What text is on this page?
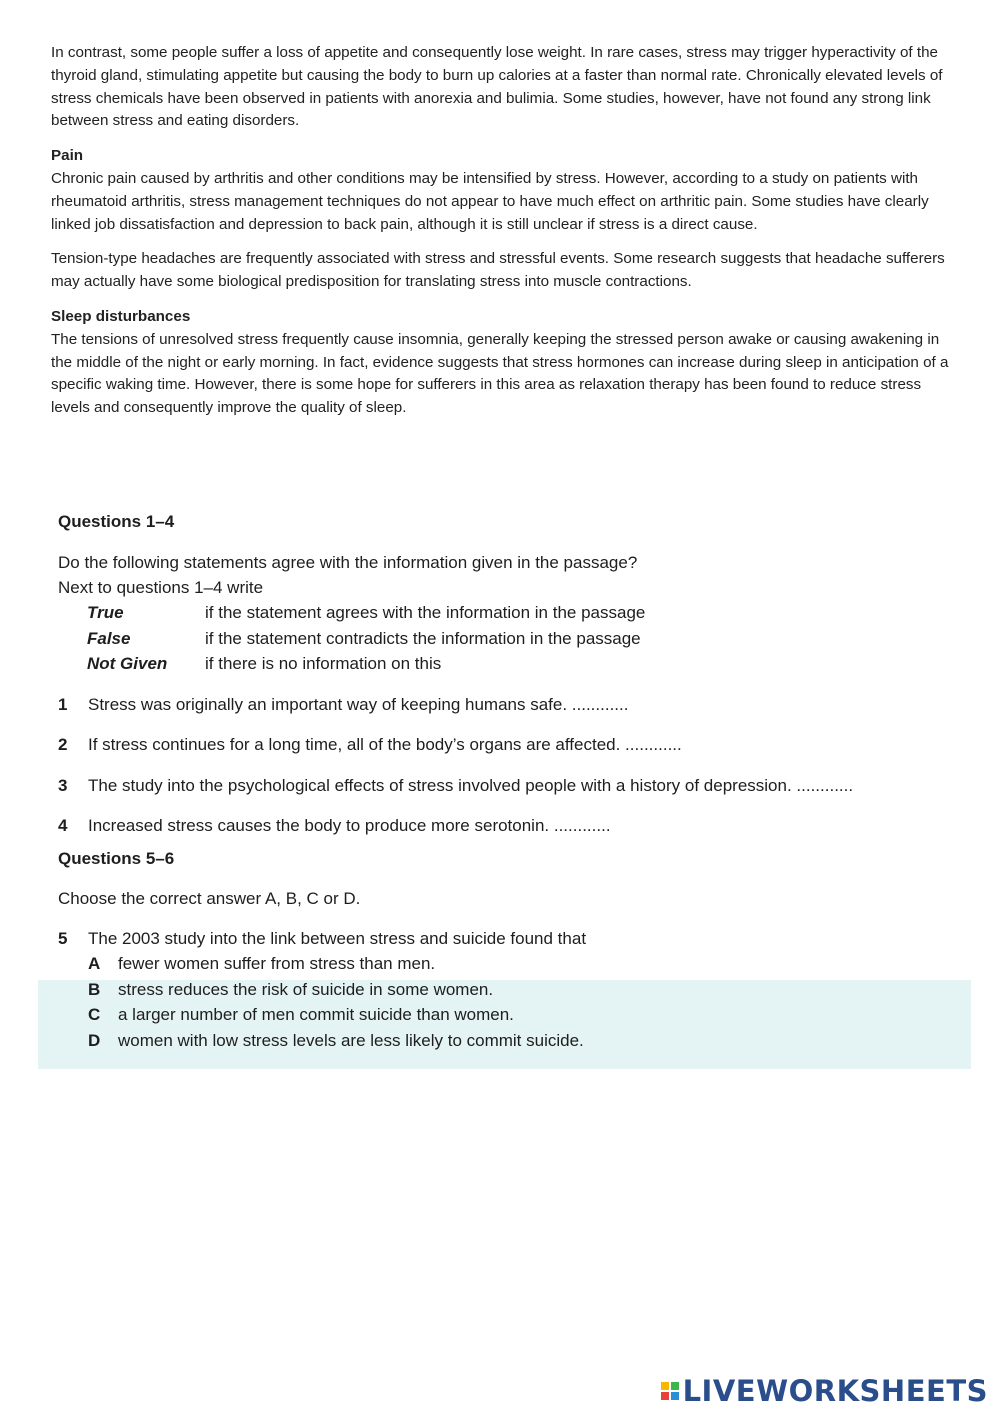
In contrast, some people suffer a loss of appetite and consequently lose weight. In rare cases, stress may trigger hyperactivity of the thyroid gland, stimulating appetite but causing the body to burn up calories at a faster than normal rate. Chronically elevated levels of stress chemicals have been observed in patients with anorexia and bulimia. Some studies, however, have not found any strong link between stress and eating disorders.

Pain

Chronic pain caused by arthritis and other conditions may be intensified by stress. However, according to a study on patients with rheumatoid arthritis, stress management techniques do not appear to have much effect on arthritic pain. Some studies have clearly linked job dissatisfaction and depression to back pain, although it is still unclear if stress is a direct cause.

Tension-type headaches are frequently associated with stress and stressful events. Some research suggests that headache sufferers may actually have some biological predisposition for translating stress into muscle contractions.

Sleep disturbances

The tensions of unresolved stress frequently cause insomnia, generally keeping the stressed person awake or causing awakening in the middle of the night or early morning. In fact, evidence suggests that stress hormones can increase during sleep in anticipation of a specific waking time. However, there is some hope for sufferers in this area as relaxation therapy has been found to reduce stress levels and consequently improve the quality of sleep.

Questions 1–4
Do the following statements agree with the information given in the passage?
Next to questions 1–4 write
True	if the statement agrees with the information in the passage
False	if the statement contradicts the information in the passage
Not Given	if there is no information on this
1	Stress was originally an important way of keeping humans safe. ............
2	If stress continues for a long time, all of the body’s organs are affected. ............
3	The study into the psychological effects of stress involved people with a history of depression. ............
4	Increased stress causes the body to produce more serotonin. ............
Questions 5–6
Choose the correct answer A, B, C or D.
5	The 2003 study into the link between stress and suicide found that
A	fewer women suffer from stress than men.
B	stress reduces the risk of suicide in some women.
C	a larger number of men commit suicide than women.
D	women with low stress levels are less likely to commit suicide.
LIVEWORKSHEETS
